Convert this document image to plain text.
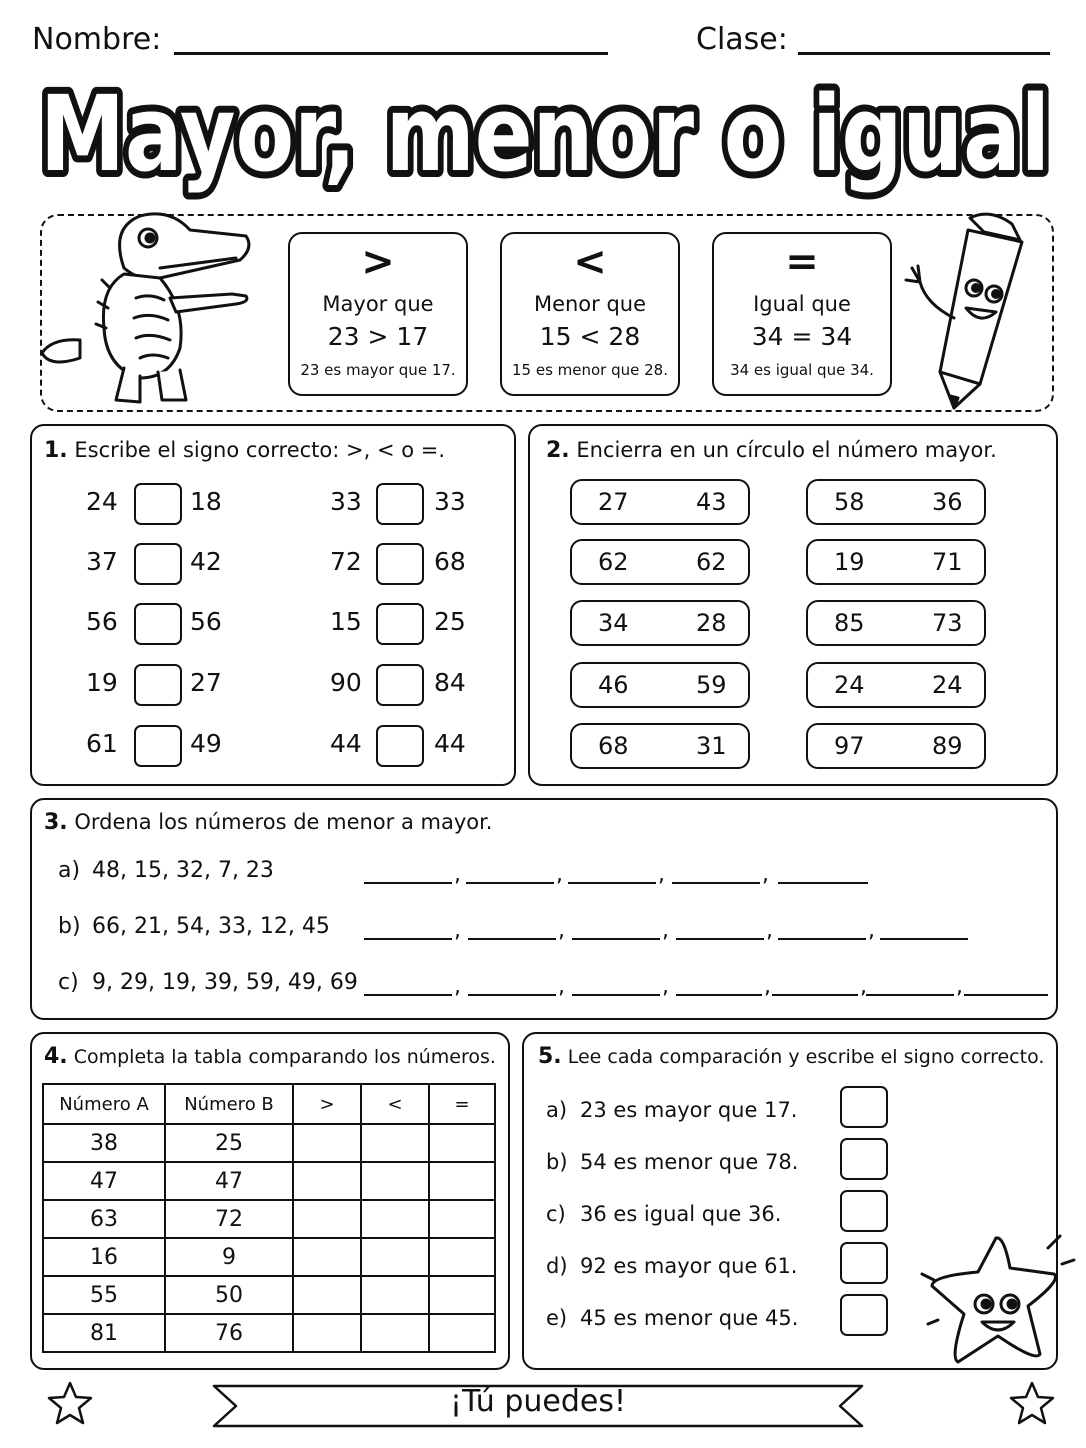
Nombre:	Clase:
Mayor, menor o igual
Mayor, menor o igual
>
Mayor que
23 > 17
23 es mayor que 17.
<
Menor que
15 < 28
15 es menor que 28.
=
Igual que
34 = 34
34 es igual que 34.
1. Escribe el signo correcto: >, < o =.
24	18
37	42
56	56
19	27
61	49
33	33
72	68
15	25
90	84
44	44
2. Encierra en un círculo el número mayor.
27	43
62	62
34	28
46	59
68	31
58	36
19	71
85	73
24	24
97	89
3. Ordena los números de menor a mayor.
a) 48, 15, 32, 7, 23	,	,	,	,
b) 66, 21, 54, 33, 12, 45	,	,	,	,	,
c) 9, 29, 19, 39, 59, 49, 69	,	,	,	,	,	,
4. Completa la tabla comparando los números.
Número A	Número B	>	<	=
38	25			
47	47			
63	72			
16	9			
55	50			
81	76			
5. Lee cada comparación y escribe el signo correcto.
a) 23 es mayor que 17.
b) 54 es menor que 78.
c) 36 es igual que 36.
d) 92 es mayor que 61.
e) 45 es menor que 45.
¡Tú puedes!
